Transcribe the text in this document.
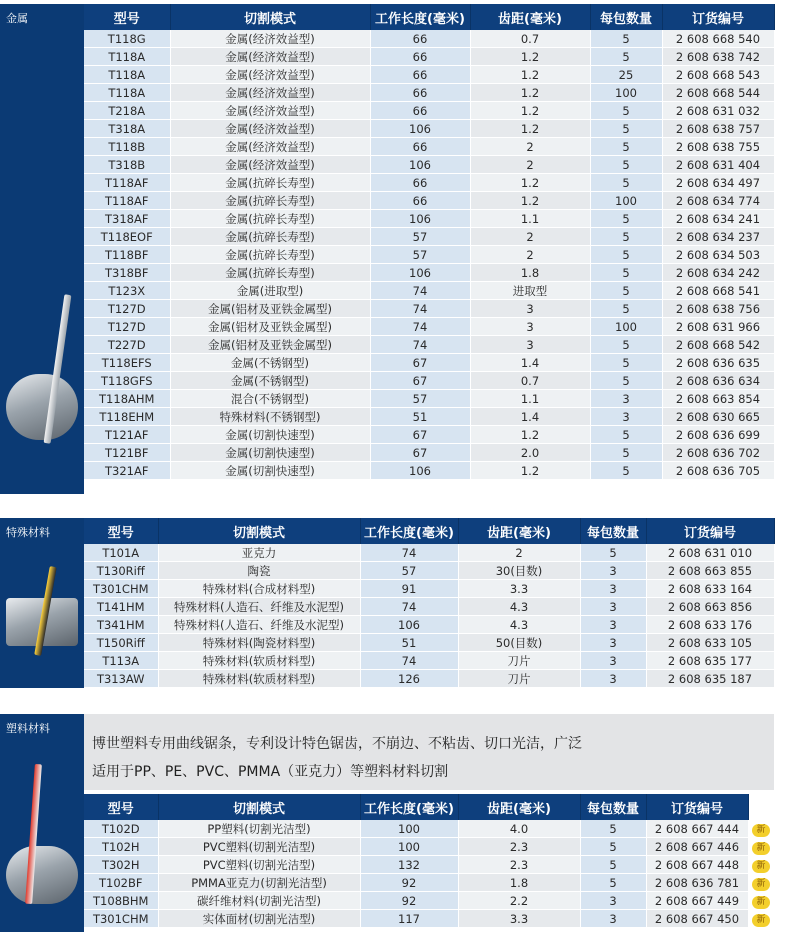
金属	型号	切割模式	工作长度(毫米)	齿距(毫米)	每包数量	订货编号
T118G	金属(经济效益型)	66	0.7	5	2 608 668 540
T118A	金属(经济效益型)	66	1.2	5	2 608 638 742
T118A	金属(经济效益型)	66	1.2	25	2 608 668 543
T118A	金属(经济效益型)	66	1.2	100	2 608 668 544
T218A	金属(经济效益型)	66	1.2	5	2 608 631 032
T318A	金属(经济效益型)	106	1.2	5	2 608 638 757
T118B	金属(经济效益型)	66	2	5	2 608 638 755
T318B	金属(经济效益型)	106	2	5	2 608 631 404
T118AF	金属(抗碎长寿型)	66	1.2	5	2 608 634 497
T118AF	金属(抗碎长寿型)	66	1.2	100	2 608 634 774
T318AF	金属(抗碎长寿型)	106	1.1	5	2 608 634 241
T118EOF	金属(抗碎长寿型)	57	2	5	2 608 634 237
T118BF	金属(抗碎长寿型)	57	2	5	2 608 634 503
T318BF	金属(抗碎长寿型)	106	1.8	5	2 608 634 242
T123X	金属(进取型)	74	进取型	5	2 608 668 541
T127D	金属(铝材及亚铁金属型)	74	3	5	2 608 638 756
T127D	金属(铝材及亚铁金属型)	74	3	100	2 608 631 966
T227D	金属(铝材及亚铁金属型)	74	3	5	2 608 668 542
T118EFS	金属(不锈钢型)	67	1.4	5	2 608 636 635
T118GFS	金属(不锈钢型)	67	0.7	5	2 608 636 634
T118AHM	混合(不锈钢型)	57	1.1	3	2 608 663 854
T118EHM	特殊材料(不锈钢型)	51	1.4	3	2 608 630 665
T121AF	金属(切割快速型)	67	1.2	5	2 608 636 699
T121BF	金属(切割快速型)	67	2.0	5	2 608 636 702
T321AF	金属(切割快速型)	106	1.2	5	2 608 636 705
特殊材料	型号	切割模式	工作长度(毫米)	齿距(毫米)	每包数量	订货编号
T101A	亚克力	74	2	5	2 608 631 010
T130Riff	陶瓷	57	30(目数)	3	2 608 663 855
T301CHM	特殊材料(合成材料型)	91	3.3	3	2 608 633 164
T141HM	特殊材料(人造石、纤维及水泥型)	74	4.3	3	2 608 663 856
T341HM	特殊材料(人造石、纤维及水泥型)	106	4.3	3	2 608 633 176
T150Riff	特殊材料(陶瓷材料型)	51	50(目数)	3	2 608 633 105
T113A	特殊材料(软质材料型)	74	刀片	3	2 608 635 177
T313AW	特殊材料(软质材料型)	126	刀片	3	2 608 635 187
塑料材料
博世塑料专用曲线锯条，专利设计特色锯齿，不崩边、不粘齿、切口光洁，广泛
适用于PP、PE、PVC、PMMA（亚克力）等塑料材料切割
型号	切割模式	工作长度(毫米)	齿距(毫米)	每包数量	订货编号
T102D	PP塑料(切割光洁型)	100	4.0	5	2 608 667 444
T102H	PVC塑料(切割光洁型)	100	2.3	5	2 608 667 446
T302H	PVC塑料(切割光洁型)	132	2.3	5	2 608 667 448
T102BF	PMMA亚克力(切割光洁型)	92	1.8	5	2 608 636 781
T108BHM	碳纤维材料(切割光洁型)	92	2.2	3	2 608 667 449
T301CHM	实体面材(切割光洁型)	117	3.3	3	2 608 667 450
新
新
新
新
新
新
